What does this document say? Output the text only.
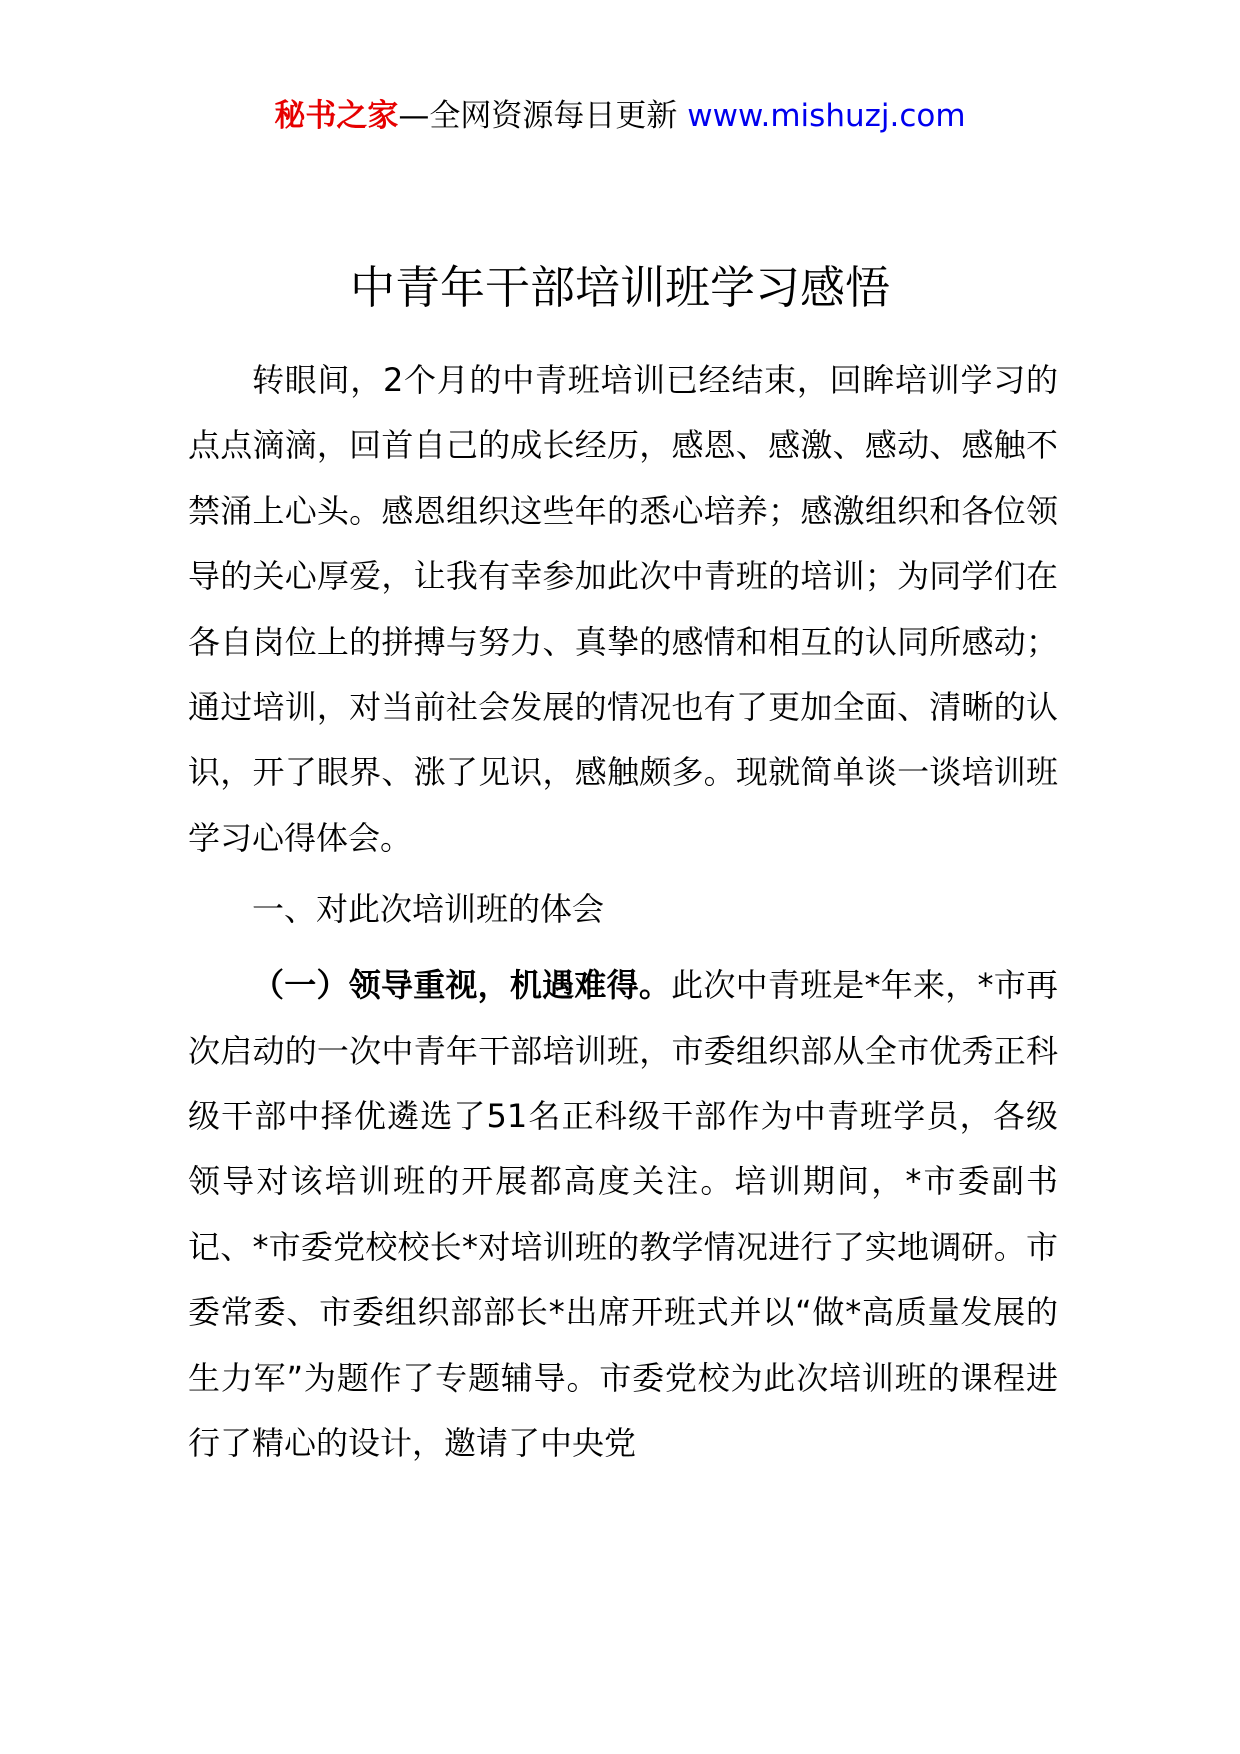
秘书之家—全网资源每日更新 www.mishuzj.com
中青年干部培训班学习感悟

转眼间，2个月的中青班培训已经结束，回眸培训学习的点点滴滴，回首自己的成长经历，感恩、感激、感动、感触不禁涌上心头。感恩组织这些年的悉心培养；感激组织和各位领导的关心厚爱，让我有幸参加此次中青班的培训；为同学们在各自岗位上的拼搏与努力、真挚的感情和相互的认同所感动；通过培训，对当前社会发展的情况也有了更加全面、清晰的认识，开了眼界、涨了见识，感触颇多。现就简单谈一谈培训班学习心得体会。

一、对此次培训班的体会

（一）领导重视，机遇难得。此次中青班是*年来，*市再次启动的一次中青年干部培训班，市委组织部从全市优秀正科级干部中择优遴选了51名正科级干部作为中青班学员，各级领导对该培训班的开展都高度关注。培训期间，*市委副书记、*市委党校校长*对培训班的教学情况进行了实地调研。市委常委、市委组织部部长*出席开班式并以“做*高质量发展的生力军”为题作了专题辅导。市委党校为此次培训班的课程进行了精心的设计，邀请了中央党
